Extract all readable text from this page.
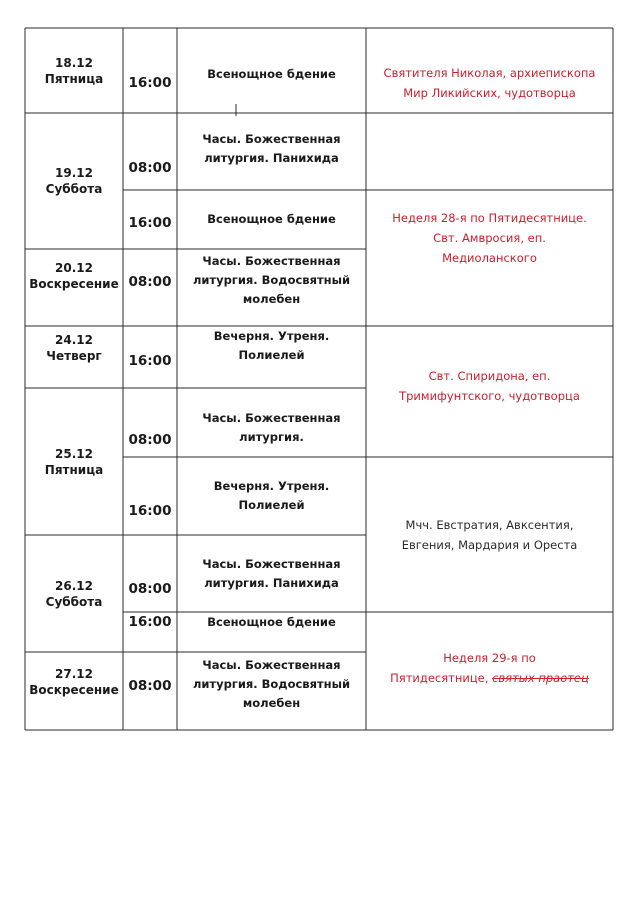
18.12
Пятница
19.12
Суббота
20.12
Воскресение
24.12
Четверг
25.12
Пятница
26.12
Суббота
27.12
Воскресение
16:00
08:00
16:00
08:00
16:00
08:00
16:00
08:00
16:00
08:00
Всенощное бдение
Часы. Божественная
литургия. Панихида
Всенощное бдение
Часы. Божественная
литургия. Водосвятный
молебен
Вечерня. Утреня.
Полиелей
Часы. Божественная
литургия.
Вечерня. Утреня.
Полиелей
Часы. Божественная
литургия. Панихида
Всенощное бдение
Часы. Божественная
литургия. Водосвятный
молебен
Святителя Николая, архиепископа
Мир Ликийских, чудотворца
Неделя 28-я по Пятидесятнице.
Свт. Амвросия, еп.
Медиоланского
Свт. Спиридона, еп.
Тримифунтского, чудотворца
Мчч. Евстратия, Авксентия,
Евгения, Мардария и Ореста
Неделя 29-я по
Пятидесятнице, святых праотец
